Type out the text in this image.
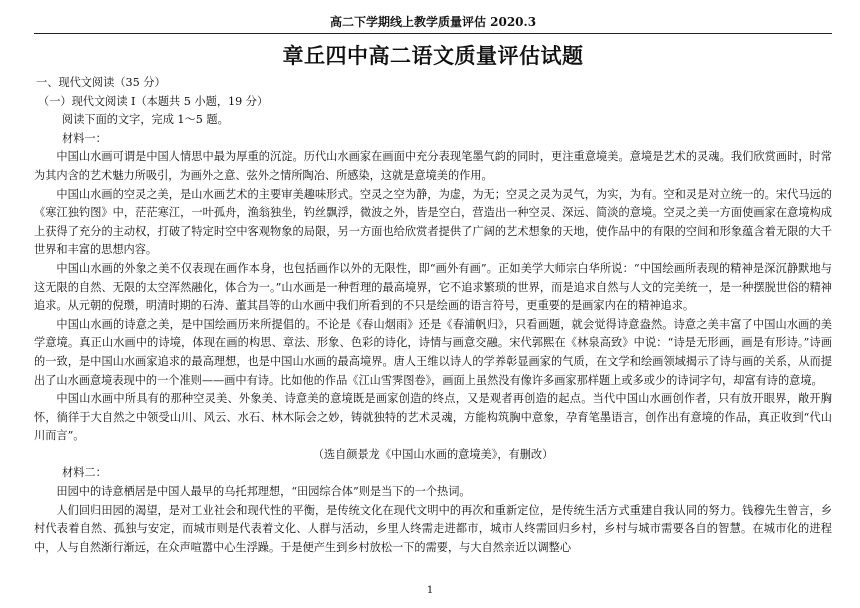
高二下学期线上教学质量评估 2020.3
章丘四中高二语文质量评估试题

一、现代文阅读（35 分）

（一）现代文阅读 I（本题共 5 小题，19 分）

阅读下面的文字，完成 1～5 题。

材料一：

中国山水画可谓是中国人情思中最为厚重的沉淀。历代山水画家在画面中充分表现笔墨气韵的同时，更注重意境美。意境是艺术的灵魂。我们欣赏画时，时常为其内含的艺术魅力所吸引，为画外之意、弦外之情所陶冶、所感染，这就是意境美的作用。

中国山水画的空灵之美，是山水画艺术的主要审美趣味形式。空灵之空为静，为虚，为无；空灵之灵为灵气，为实，为有。空和灵是对立统一的。宋代马远的《寒江独钓图》中，茫茫寒江，一叶孤舟，渔翁独坐，钓丝飘浮，微波之外，皆是空白，营造出一种空灵、深远、简淡的意境。空灵之美一方面使画家在意境构成上获得了充分的主动权，打破了特定时空中客观物象的局限，另一方面也给欣赏者提供了广阔的艺术想象的天地，使作品中的有限的空间和形象蕴含着无限的大千世界和丰富的思想内容。

中国山水画的外象之美不仅表现在画作本身，也包括画作以外的无限性，即“画外有画”。正如美学大师宗白华所说：“中国绘画所表现的精神是深沉静默地与这无限的自然、无限的太空浑然融化，体合为一。”山水画是一种哲理的最高境界，它不追求繁琐的世界，而是追求自然与人文的完美统一，是一种摆脱世俗的精神追求。从元朝的倪瓒，明清时期的石涛、董其昌等的山水画中我们所看到的不只是绘画的语言符号，更重要的是画家内在的精神追求。

中国山水画的诗意之美，是中国绘画历来所提倡的。不论是《春山烟雨》还是《春浦帆归》，只看画题，就会觉得诗意盎然。诗意之美丰富了中国山水画的美学意境。真正山水画中的诗境，体现在画的构思、章法、形象、色彩的诗化，诗情与画意交融。宋代郭熙在《林泉高致》中说：“诗是无形画，画是有形诗。”诗画的一致，是中国山水画家追求的最高理想，也是中国山水画的最高境界。唐人王维以诗人的学养彰显画家的气质，在文学和绘画领域揭示了诗与画的关系，从而提出了山水画意境表现中的一个准则——画中有诗。比如他的作品《江山雪霁图卷》，画面上虽然没有像许多画家那样题上或多或少的诗词字句，却富有诗的意境。

中国山水画中所具有的那种空灵美、外象美、诗意美的意境既是画家创造的终点，又是观者再创造的起点。当代中国山水画创作者，只有放开眼界，敞开胸怀，徜徉于大自然之中领受山川、风云、水石、林木际会之妙，铸就独特的艺术灵魂，方能构筑胸中意象，孕育笔墨语言，创作出有意境的作品，真正收到“代山川而言”。

（选自颜景龙《中国山水画的意境美》，有删改）

材料二：

田园中的诗意栖居是中国人最早的乌托邦理想，“田园综合体”则是当下的一个热词。

人们回归田园的渴望，是对工业社会和现代性的平衡，是传统文化在现代文明中的再次和重新定位，是传统生活方式重建自我认同的努力。钱穆先生曾言，乡村代表着自然、孤独与安定，而城市则是代表着文化、人群与活动，乡里人终需走进都市，城市人终需回归乡村，乡村与城市需要各自的智慧。在城市化的进程中，人与自然渐行渐远，在众声喧嚣中心生浮躁。于是便产生到乡村放松一下的需要，与大自然亲近以调整心

1
